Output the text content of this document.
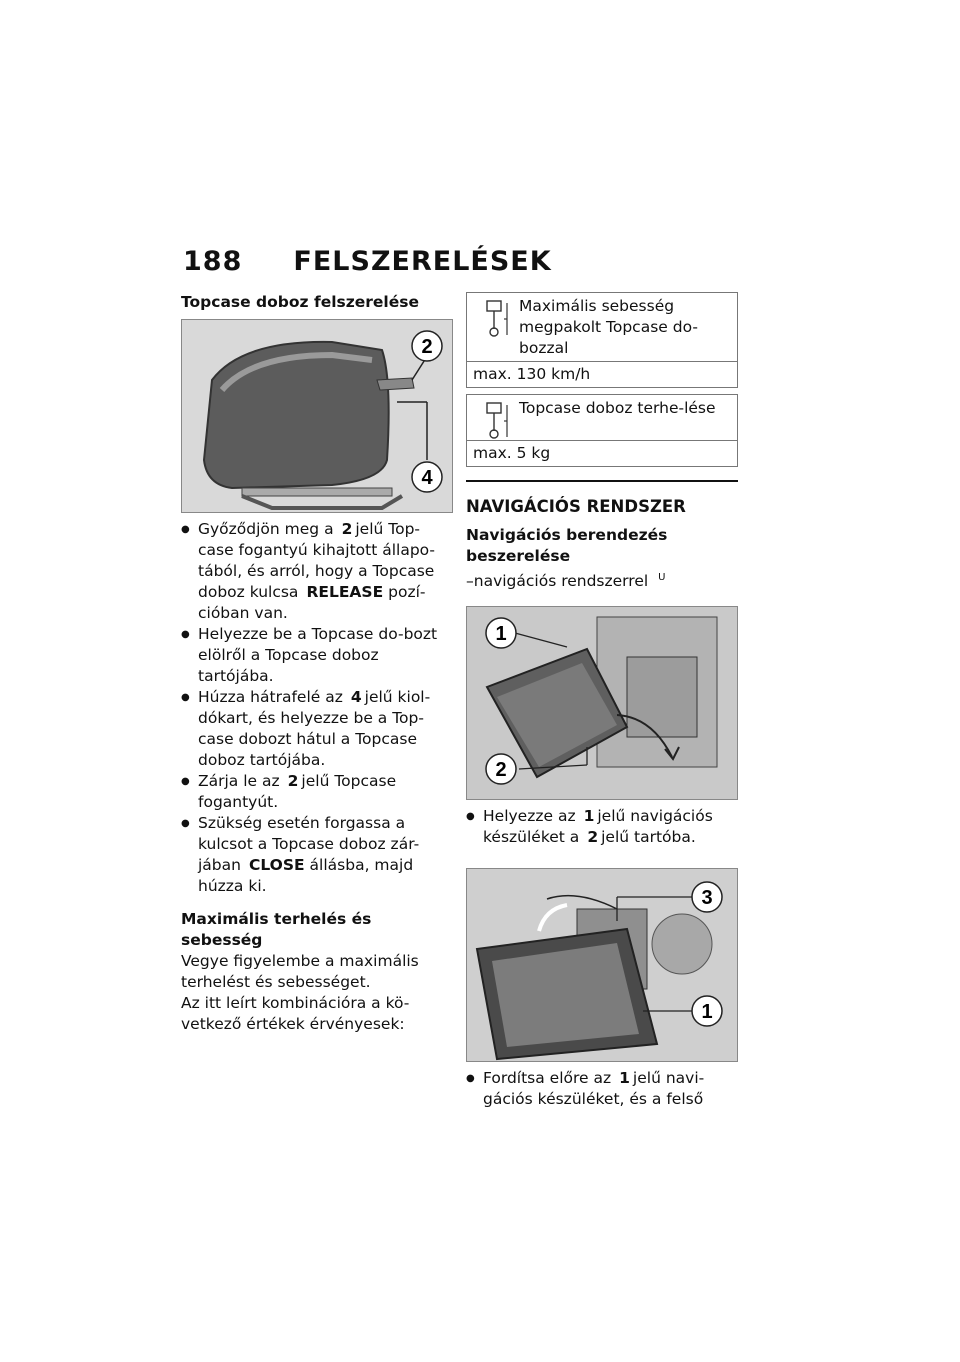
188 FELSZERELÉSEK
Topcase doboz felszerelése
2
4
● Győződjön meg a 2 jelű Top-case fogantyú kihajtott állapo-tából, és arról, hogy a Topcase doboz kulcsa RELEASE pozí-cióban van.
● Helyezze be a Topcase do-bozt elölről a Topcase doboz tartójába.
● Húzza hátrafelé az 4 jelű kiol-dókart, és helyezze be a Top-case dobozt hátul a Topcase doboz tartójába.
● Zárja le az 2 jelű Topcase fogantyút.
● Szükség esetén forgassa a kulcsot a Topcase doboz zár-jában CLOSE állásba, majd húzza ki.
Maximális terhelés és sebesség

Vegye figyelembe a maximális terhelést és sebességet.

Az itt leírt kombinációra a kö-vetkező értékek érvényesek:

Maximális sebesség megpakolt Topcase do-bozzal
max. 130 km/h
Topcase doboz terhe-lése
max. 5 kg
NAVIGÁCIÓS RENDSZER
Navigációs berendezés beszerelése

–navigációs rendszerrel $^U$

1
2
● Helyezze az 1 jelű navigációs készüléket a 2 jelű tartóba.
3
1
● Fordítsa előre az 1 jelű navi-gációs készüléket, és a felső
